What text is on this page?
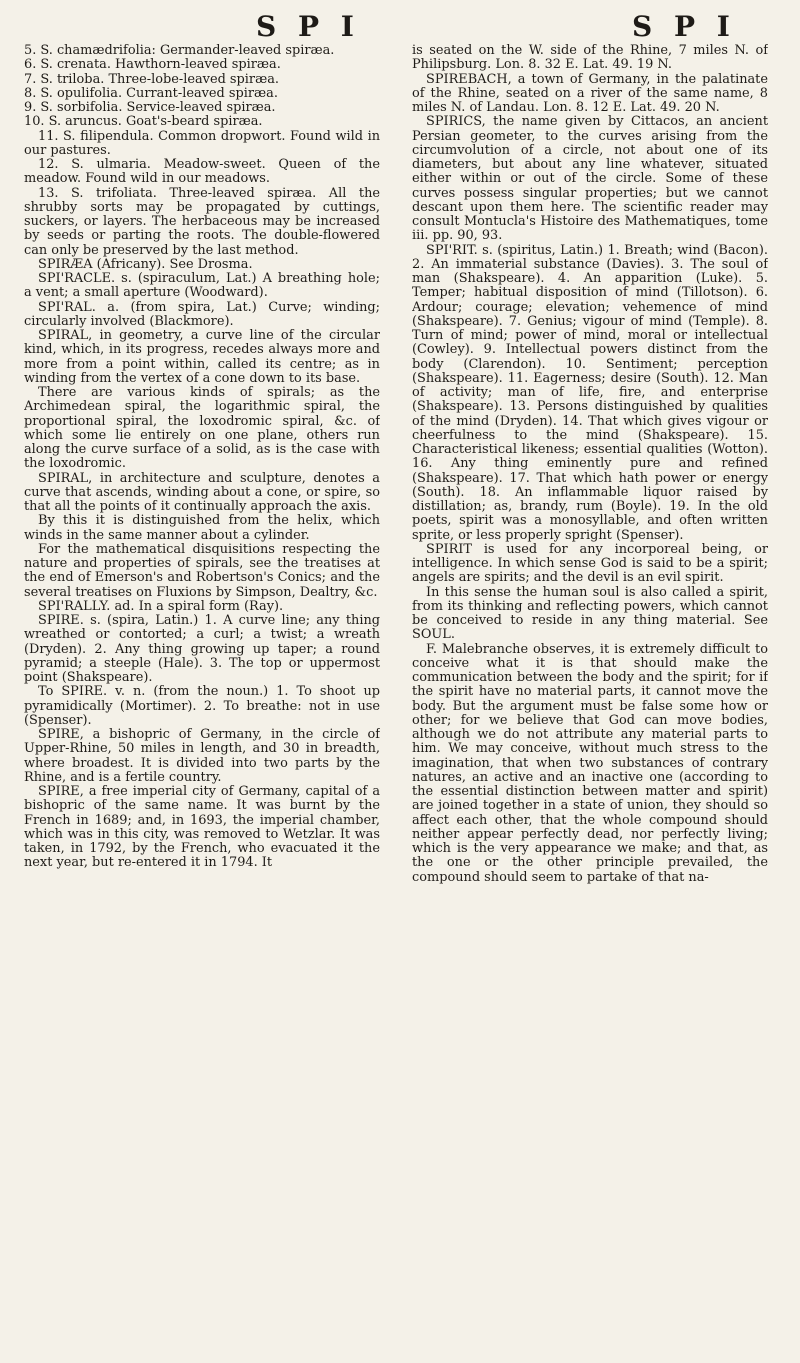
S P I	S P I

5. S. chamædrifolia: Germander-leaved spiræa.

6. S. crenata. Hawthorn-leaved spiræa.

7. S. triloba. Three-lobe-leaved spiræa.

8. S. opulifolia. Currant-leaved spiræa.

9. S. sorbifolia. Service-leaved spiræa.

10. S. aruncus. Goat's-beard spiræa.

11. S. filipendula. Common dropwort. Found wild in our pastures.

12. S. ulmaria. Meadow-sweet. Queen of the meadow. Found wild in our meadows.

13. S. trifoliata. Three-leaved spiræa. All the shrubby sorts may be propagated by cuttings, suckers, or layers. The herbaceous may be increased by seeds or parting the roots. The double-flowered can only be preserved by the last method.

SPIRÆA (Africany). See Drosma.

SPI'RACLE. s. (spiraculum, Lat.) A breathing hole; a vent; a small aperture (Woodward).

SPI'RAL. a. (from spira, Lat.) Curve; winding; circularly involved (Blackmore).

SPIRAL, in geometry, a curve line of the circular kind, which, in its progress, recedes always more and more from a point within, called its centre; as in winding from the vertex of a cone down to its base.

There are various kinds of spirals; as the Archimedean spiral, the logarithmic spiral, the proportional spiral, the loxodromic spiral, &c. of which some lie entirely on one plane, others run along the curve surface of a solid, as is the case with the loxodromic.

SPIRAL, in architecture and sculpture, denotes a curve that ascends, winding about a cone, or spire, so that all the points of it continually approach the axis.

By this it is distinguished from the helix, which winds in the same manner about a cylinder.

For the mathematical disquisitions respecting the nature and properties of spirals, see the treatises at the end of Emerson's and Robertson's Conics; and the several treatises on Fluxions by Simpson, Dealtry, &c.

SPI'RALLY. ad. In a spiral form (Ray).

SPIRE. s. (spira, Latin.) 1. A curve line; any thing wreathed or contorted; a curl; a twist; a wreath (Dryden). 2. Any thing growing up taper; a round pyramid; a steeple (Hale). 3. The top or uppermost point (Shakspeare).

To SPIRE. v. n. (from the noun.) 1. To shoot up pyramidically (Mortimer). 2. To breathe: not in use (Spenser).

SPIRE, a bishopric of Germany, in the circle of Upper-Rhine, 50 miles in length, and 30 in breadth, where broadest. It is divided into two parts by the Rhine, and is a fertile country.

SPIRE, a free imperial city of Germany, capital of a bishopric of the same name. It was burnt by the French in 1689; and, in 1693, the imperial chamber, which was in this city, was removed to Wetzlar. It was taken, in 1792, by the French, who evacuated it the next year, but re-entered it in 1794. It

is seated on the W. side of the Rhine, 7 miles N. of Philipsburg. Lon. 8. 32 E. Lat. 49. 19 N.

SPIREBACH, a town of Germany, in the palatinate of the Rhine, seated on a river of the same name, 8 miles N. of Landau. Lon. 8. 12 E. Lat. 49. 20 N.

SPIRICS, the name given by Cittacos, an ancient Persian geometer, to the curves arising from the circumvolution of a circle, not about one of its diameters, but about any line whatever, situated either within or out of the circle. Some of these curves possess singular properties; but we cannot descant upon them here. The scientific reader may consult Montucla's Histoire des Mathematiques, tome iii. pp. 90, 93.

SPI'RIT. s. (spiritus, Latin.) 1. Breath; wind (Bacon). 2. An immaterial substance (Davies). 3. The soul of man (Shakspeare). 4. An apparition (Luke). 5. Temper; habitual disposition of mind (Tillotson). 6. Ardour; courage; elevation; vehemence of mind (Shakspeare). 7. Genius; vigour of mind (Temple). 8. Turn of mind; power of mind, moral or intellectual (Cowley). 9. Intellectual powers distinct from the body (Clarendon). 10. Sentiment; perception (Shakspeare). 11. Eagerness; desire (South). 12. Man of activity; man of life, fire, and enterprise (Shakspeare). 13. Persons distinguished by qualities of the mind (Dryden). 14. That which gives vigour or cheerfulness to the mind (Shakspeare). 15. Characteristical likeness; essential qualities (Wotton). 16. Any thing eminently pure and refined (Shakspeare). 17. That which hath power or energy (South). 18. An inflammable liquor raised by distillation; as, brandy, rum (Boyle). 19. In the old poets, spirit was a monosyllable, and often written sprite, or less properly spright (Spenser).

SPIRIT is used for any incorporeal being, or intelligence. In which sense God is said to be a spirit; angels are spirits; and the devil is an evil spirit.

In this sense the human soul is also called a spirit, from its thinking and reflecting powers, which cannot be conceived to reside in any thing material. See SOUL.

F. Malebranche observes, it is extremely difficult to conceive what it is that should make the communication between the body and the spirit; for if the spirit have no material parts, it cannot move the body. But the argument must be false some how or other; for we believe that God can move bodies, although we do not attribute any material parts to him. We may conceive, without much stress to the imagination, that when two substances of contrary natures, an active and an inactive one (according to the essential distinction between matter and spirit) are joined together in a state of union, they should so affect each other, that the whole compound should neither appear perfectly dead, nor perfectly living; which is the very appearance we make; and that, as the one or the other principle prevailed, the compound should seem to partake of that na-
